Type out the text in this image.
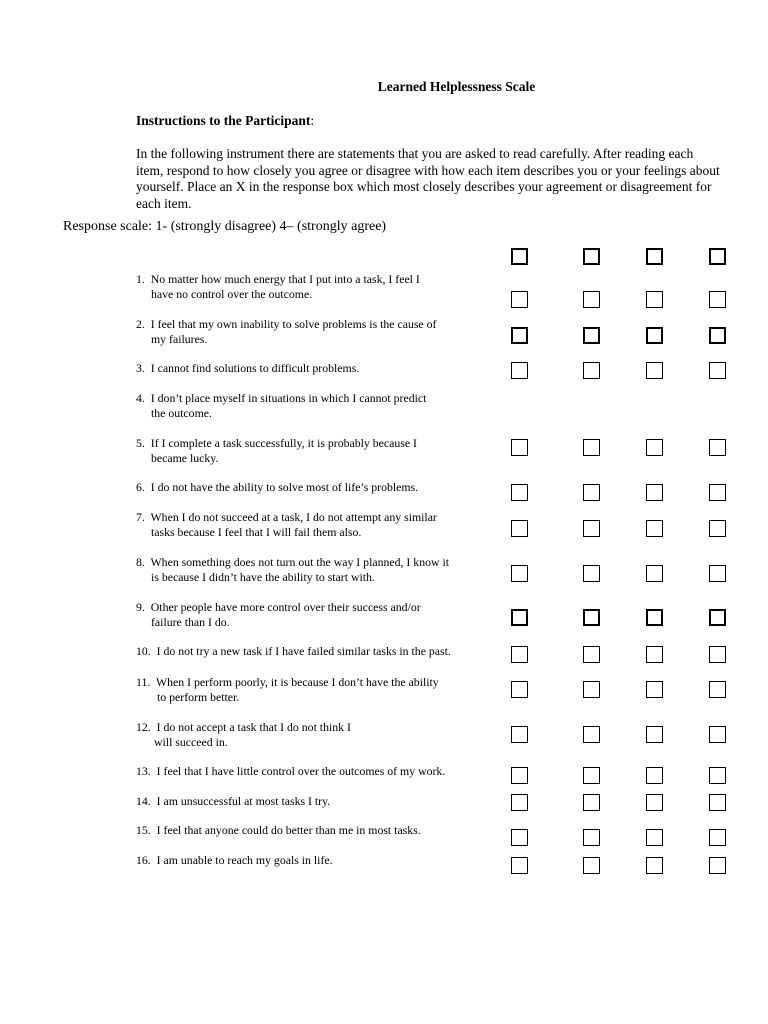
Learned Helplessness Scale
Instructions to the Participant:
In the following instrument there are statements that you are asked to read carefully. After reading each
item, respond to how closely you agree or disagree with how each item describes you or your feelings about
yourself. Place an X in the response box which most closely describes your agreement or disagreement for
each item.
Response scale: 1- (strongly disagree) 4– (strongly agree)
1. No matter how much energy that I put into a task, I feel I
have no control over the outcome.
2. I feel that my own inability to solve problems is the cause of
my failures.
3. I cannot find solutions to difficult problems.
4. I don’t place myself in situations in which I cannot predict
the outcome.
5. If I complete a task successfully, it is probably because I
became lucky.
6. I do not have the ability to solve most of life’s problems.
7. When I do not succeed at a task, I do not attempt any similar
tasks because I feel that I will fail them also.
8. When something does not turn out the way I planned, I know it
is because I didn’t have the ability to start with.
9. Other people have more control over their success and/or
failure than I do.
10. I do not try a new task if I have failed similar tasks in the past.
11. When I perform poorly, it is because I don’t have the ability
to perform better.
12. I do not accept a task that I do not think I
will succeed in.
13. I feel that I have little control over the outcomes of my work.
14. I am unsuccessful at most tasks I try.
15. I feel that anyone could do better than me in most tasks.
16. I am unable to reach my goals in life.
